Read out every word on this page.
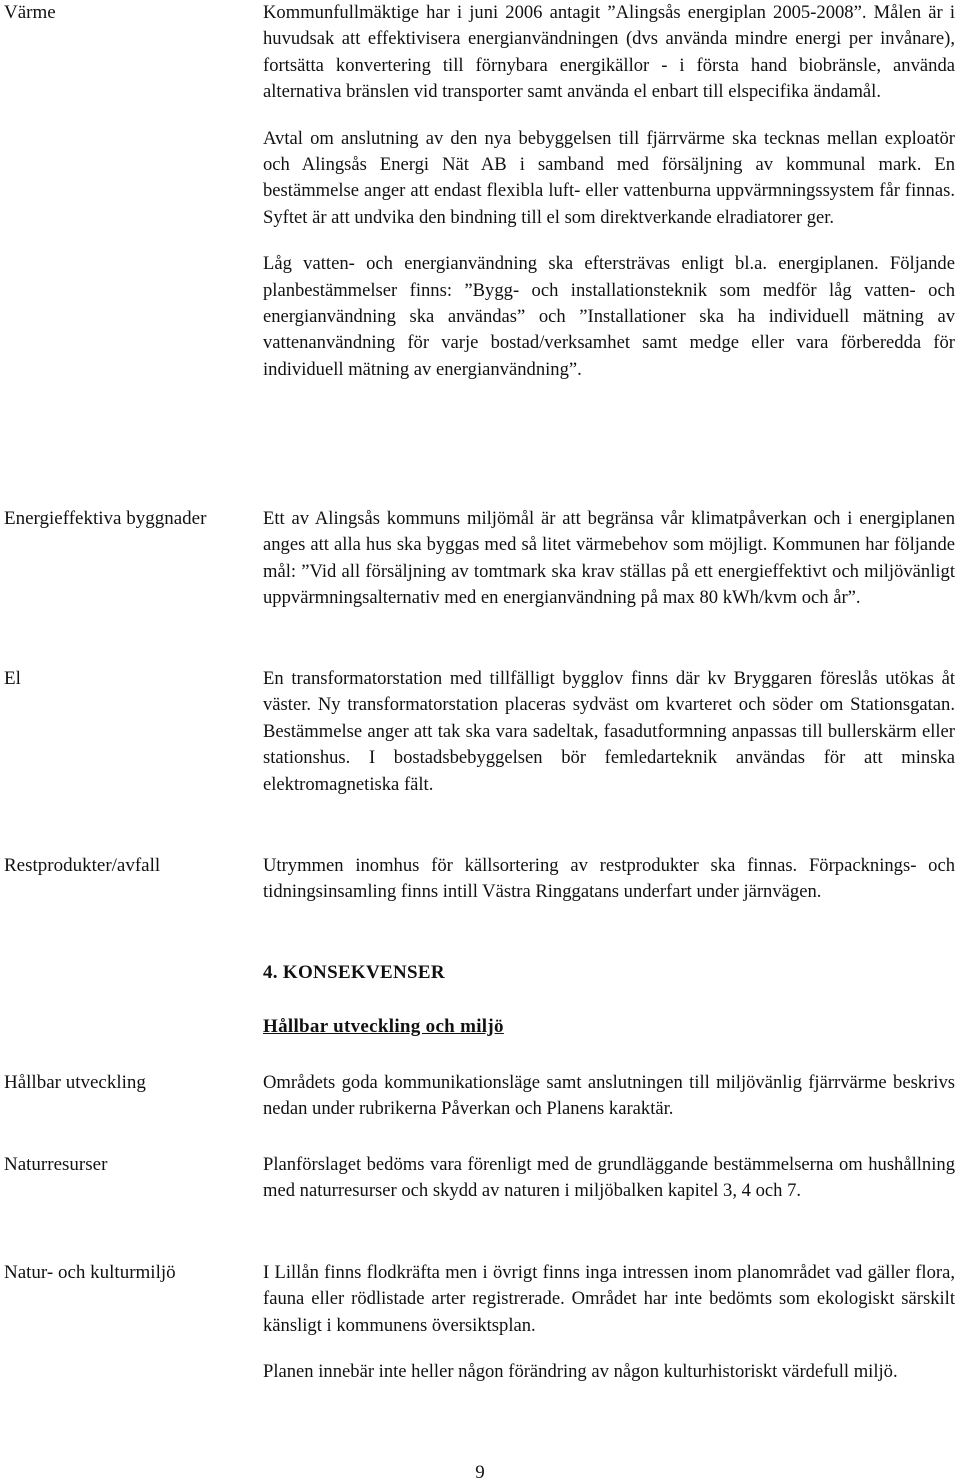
Värme	Kommunfullmäktige har i juni 2006 antagit ”Alingsås energiplan 2005-2008”. Målen är i huvudsak att effektivisera energianvändningen (dvs använda mindre energi per invånare), fortsätta konvertering till förnybara energikällor - i första hand biobränsle, använda alternativa bränslen vid transporter samt använda el enbart till elspecifika ändamål.

Avtal om anslutning av den nya bebyggelsen till fjärrvärme ska tecknas mellan exploatör och Alingsås Energi Nät AB i samband med försäljning av kommunal mark. En bestämmelse anger att endast flexibla luft- eller vattenburna uppvärmningssystem får finnas. Syftet är att undvika den bindning till el som direktverkande elradiatorer ger.

Låg vatten- och energianvändning ska eftersträvas enligt bl.a. energiplanen. Följande planbestämmelser finns: ”Bygg- och installationsteknik som medför låg vatten- och energianvändning ska användas” och ”Installationer ska ha individuell mätning av vattenanvändning för varje bostad/verksamhet samt medge eller vara förberedda för individuell mätning av energianvändning”.

Energieffektiva byggnader	Ett av Alingsås kommuns miljömål är att begränsa vår klimatpåverkan och i energiplanen anges att alla hus ska byggas med så litet värmebehov som möjligt. Kommunen har följande mål: ”Vid all försäljning av tomtmark ska krav ställas på ett energieffektivt och miljövänligt uppvärmningsalternativ med en energianvändning på max 80 kWh/kvm och år”.

El	En transformatorstation med tillfälligt bygglov finns där kv Bryggaren föreslås utökas åt väster. Ny transformatorstation placeras sydväst om kvarteret och söder om Stationsgatan. Bestämmelse anger att tak ska vara sadeltak, fasadutformning anpassas till bullerskärm eller stationshus. I bostadsbebyggelsen bör femledarteknik användas för att minska elektromagnetiska fält.

Restprodukter/avfall	Utrymmen inomhus för källsortering av restprodukter ska finnas. Förpacknings- och tidningsinsamling finns intill Västra Ringgatans underfart under järnvägen.

4. KONSEKVENSER
Hållbar utveckling och miljö
Hållbar utveckling	Områdets goda kommunikationsläge samt anslutningen till miljövänlig fjärrvärme beskrivs nedan under rubrikerna Påverkan och Planens karaktär.

Naturresurser	Planförslaget bedöms vara förenligt med de grundläggande bestämmelserna om hushållning med naturresurser och skydd av naturen i miljöbalken kapitel 3, 4 och 7.

Natur- och kulturmiljö	I Lillån finns flodkräfta men i övrigt finns inga intressen inom planområdet vad gäller flora, fauna eller rödlistade arter registrerade. Området har inte bedömts som ekologiskt särskilt känsligt i kommunens översiktsplan.

Planen innebär inte heller någon förändring av någon kulturhistoriskt värdefull miljö.

9
